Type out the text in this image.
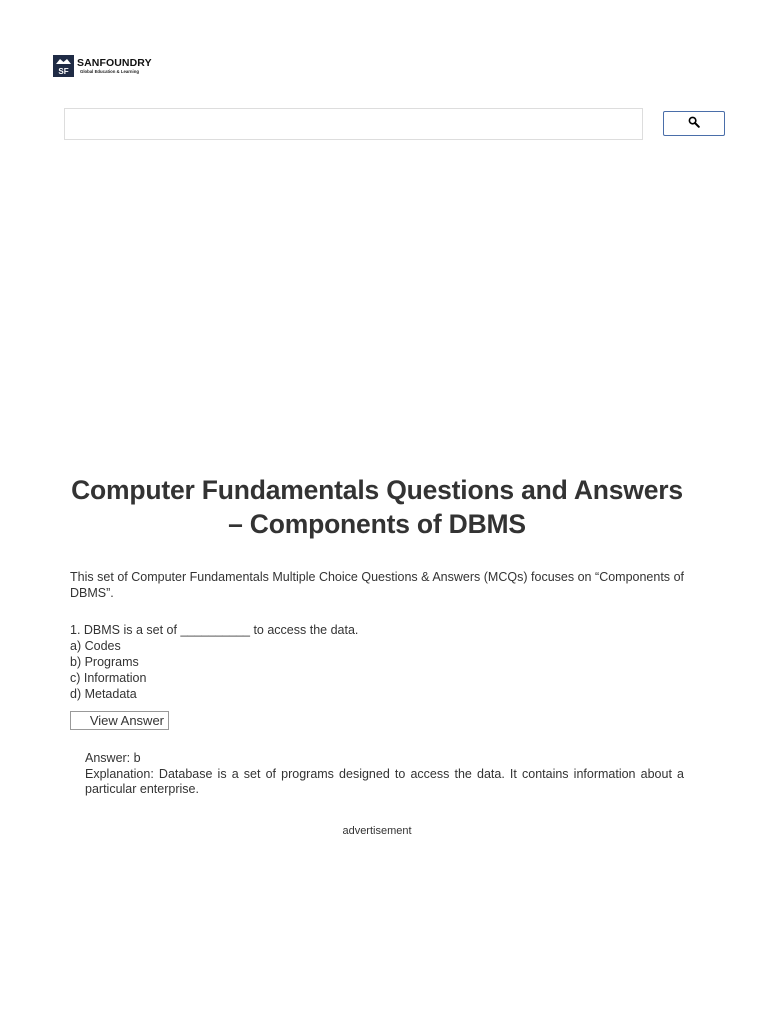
SF
SANFOUNDRY
Global Education & Learning
Computer Fundamentals Questions and Answers – Components of DBMS

This set of Computer Fundamentals Multiple Choice Questions & Answers (MCQs) focuses on “Components of DBMS”.

1. DBMS is a set of __________ to access the data.
a) Codes
b) Programs
c) Information
d) Metadata
View Answer
Answer: b
Explanation: Database is a set of programs designed to access the data. It contains information about a particular enterprise.
advertisement
